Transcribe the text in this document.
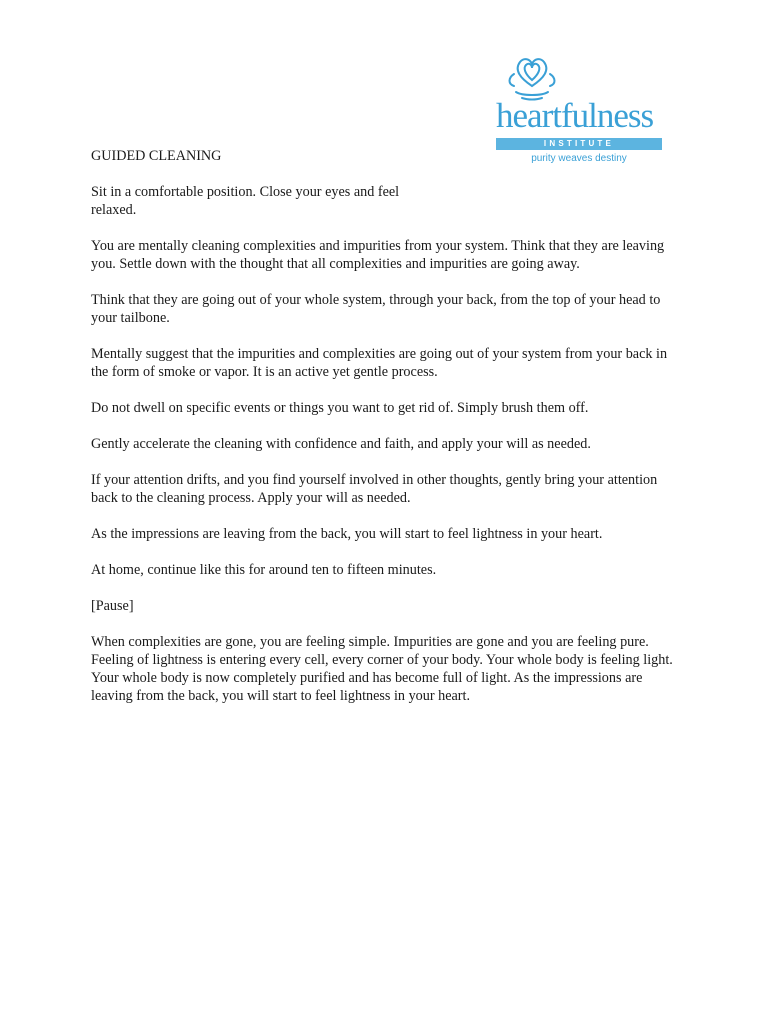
heartfulness
INSTITUTE
purity weaves destiny
GUIDED CLEANING

Sit in a comfortable position. Close your eyes and feel relaxed.

You are mentally cleaning complexities and impurities from your system. Think that they are leaving you. Settle down with the thought that all complexities and impurities are going away.

Think that they are going out of your whole system, through your back, from the top of your head to your tailbone.

Mentally suggest that the impurities and complexities are going out of your system from your back in the form of smoke or vapor. It is an active yet gentle process.

Do not dwell on specific events or things you want to get rid of. Simply brush them off.

Gently accelerate the cleaning with confidence and faith, and apply your will as needed.

If your attention drifts, and you find yourself involved in other thoughts, gently bring your attention back to the cleaning process. Apply your will as needed.

As the impressions are leaving from the back, you will start to feel lightness in your heart.

At home, continue like this for around ten to fifteen minutes.

[Pause]

When complexities are gone, you are feeling simple. Impurities are gone and you are feeling pure. Feeling of lightness is entering every cell, every corner of your body. Your whole body is feeling light. Your whole body is now completely purified and has become full of light. As the impressions are leaving from the back, you will start to feel lightness in your heart.
